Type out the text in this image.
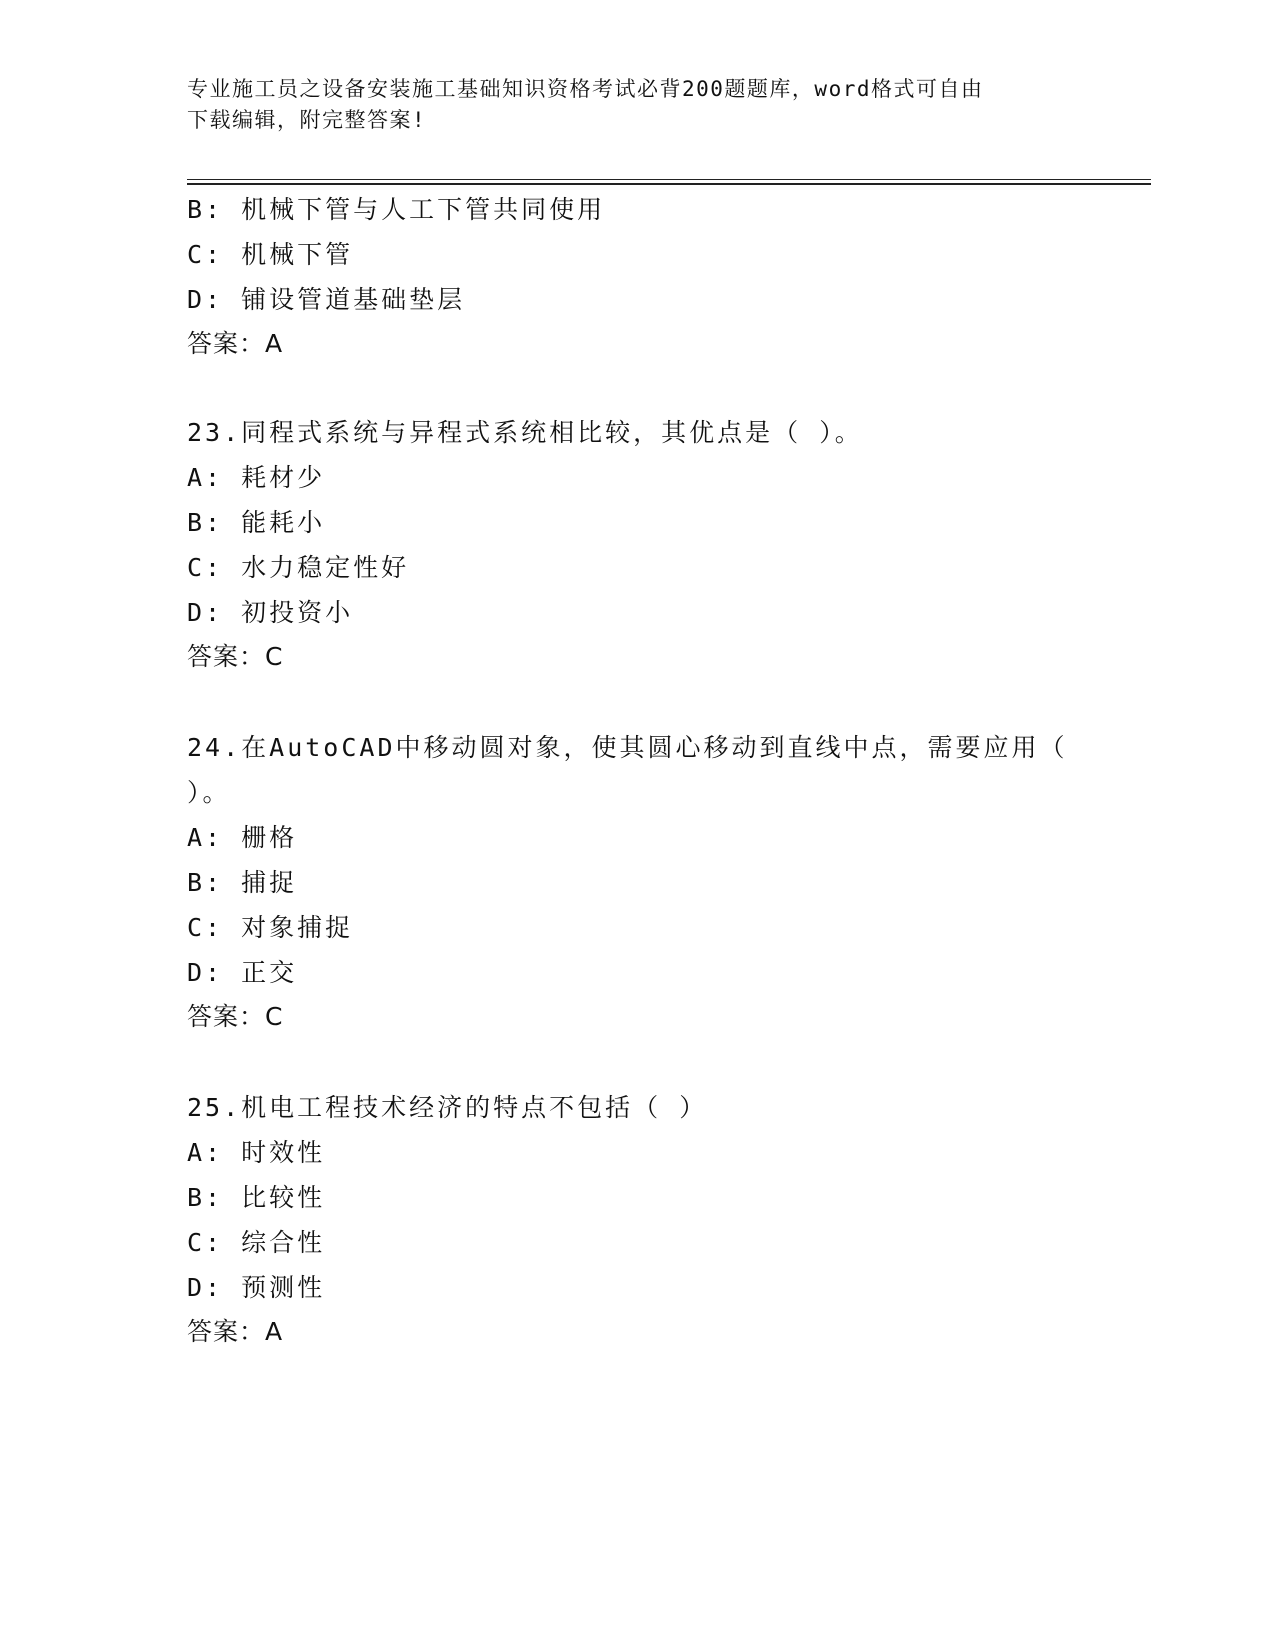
专业施工员之设备安装施工基础知识资格考试必背200题题库，word格式可自由
下载编辑，附完整答案!
B: 机械下管与人工下管共同使用
C: 机械下管
D: 铺设管道基础垫层
答案：A
23.同程式系统与异程式系统相比较，其优点是（ ）。
A: 耗材少
B: 能耗小
C: 水力稳定性好
D: 初投资小
答案：C
24.在AutoCAD中移动圆对象，使其圆心移动到直线中点，需要应用（
）。
A: 栅格
B: 捕捉
C: 对象捕捉
D: 正交
答案：C
25.机电工程技术经济的特点不包括（ ）
A: 时效性
B: 比较性
C: 综合性
D: 预测性
答案：A
